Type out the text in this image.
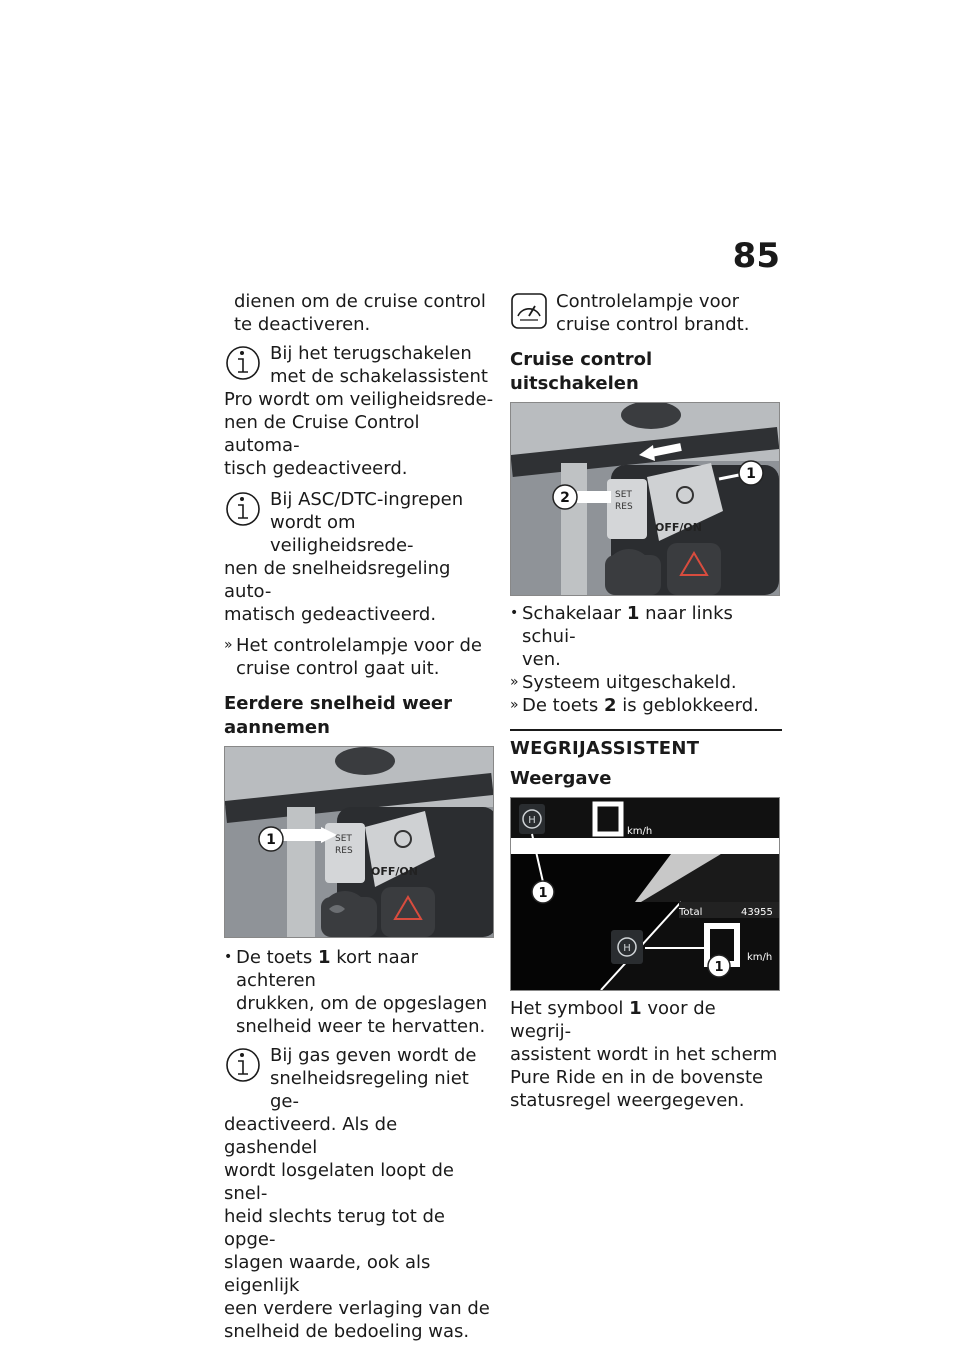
85

dienen om de cruise control

te deactiveren.

Bij het terugschakelen

met de schakelassistent

Pro wordt om veiligheidsrede-

nen de Cruise Control automa-

tisch gedeactiveerd.

Bij ASC/DTC-ingrepen

wordt om veiligheidsrede-

nen de snelheidsregeling auto-

matisch gedeactiveerd.

» Het controlelampje voor de
cruise control gaat uit.

Eerdere snelheid weer

aannemen

SET
RES
OFF/ON
1
• De toets 1 kort naar achteren
drukken, om de opgeslagen
snelheid weer te hervatten.

Bij gas geven wordt de

snelheidsregeling niet ge-

deactiveerd. Als de gashendel

wordt losgelaten loopt de snel-

heid slechts terug tot de opge-

slagen waarde, ook als eigenlijk

een verdere verlaging van de

snelheid de bedoeling was.

Controlelampje voor

cruise control brandt.

Cruise control uitschakelen

SET
RES
OFF/ON
2
1
• Schakelaar 1 naar links schui-
ven.
» Systeem uitgeschakeld.
» De toets 2 is geblokkeerd.

WEGRIJASSISTENT

Weergave

H
km/h
Total	43955
H
km/h
1
1

Het symbool 1 voor de wegrij-

assistent wordt in het scherm

Pure Ride en in de bovenste

statusregel weergegeven.
